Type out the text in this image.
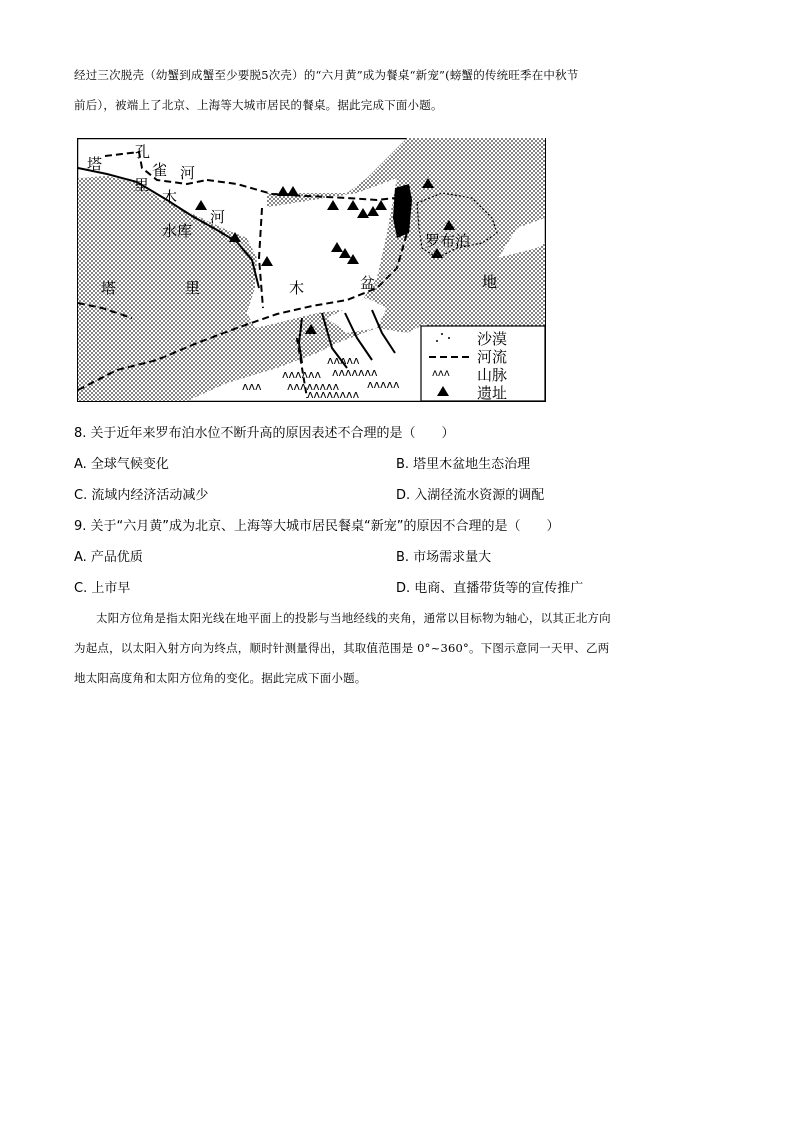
经过三次脱壳（幼蟹到成蟹至少要脱5次壳）的“六月黄”成为餐桌“新宠”(螃蟹的传统旺季在中秋节
前后），被端上了北京、上海等大城市居民的餐桌。据此完成下面小题。
ᴧᴧᴧ
ᴧᴧᴧᴧᴧᴧ
ᴧᴧᴧᴧᴧᴧᴧᴧ
ᴧᴧᴧᴧᴧ
ᴧᴧᴧᴧᴧᴧᴧ
ᴧᴧᴧᴧᴧᴧᴧᴧ
ᴧᴧᴧᴧᴧ
塔
孔
雀 河
里
木
河
水库
塔	里	木	盆
罗布泊
地
ᴧᴧᴧ
沙漠
河流
山脉
遗址
8. 关于近年来罗布泊水位不断升高的原因表述不合理的是（　　）
A. 全球气候变化	B. 塔里木盆地生态治理
C. 流域内经济活动减少	D. 入湖径流水资源的调配
9. 关于“六月黄”成为北京、上海等大城市居民餐桌“新宠”的原因不合理的是（　　）
A. 产品优质	B. 市场需求量大
C. 上市早	D. 电商、直播带货等的宣传推广
太阳方位角是指太阳光线在地平面上的投影与当地经线的夹角，通常以目标物为轴心，以其正北方向
为起点，以太阳入射方向为终点，顺时针测量得出，其取值范围是 0°~360°。下图示意同一天甲、乙两
地太阳高度角和太阳方位角的变化。据此完成下面小题。
